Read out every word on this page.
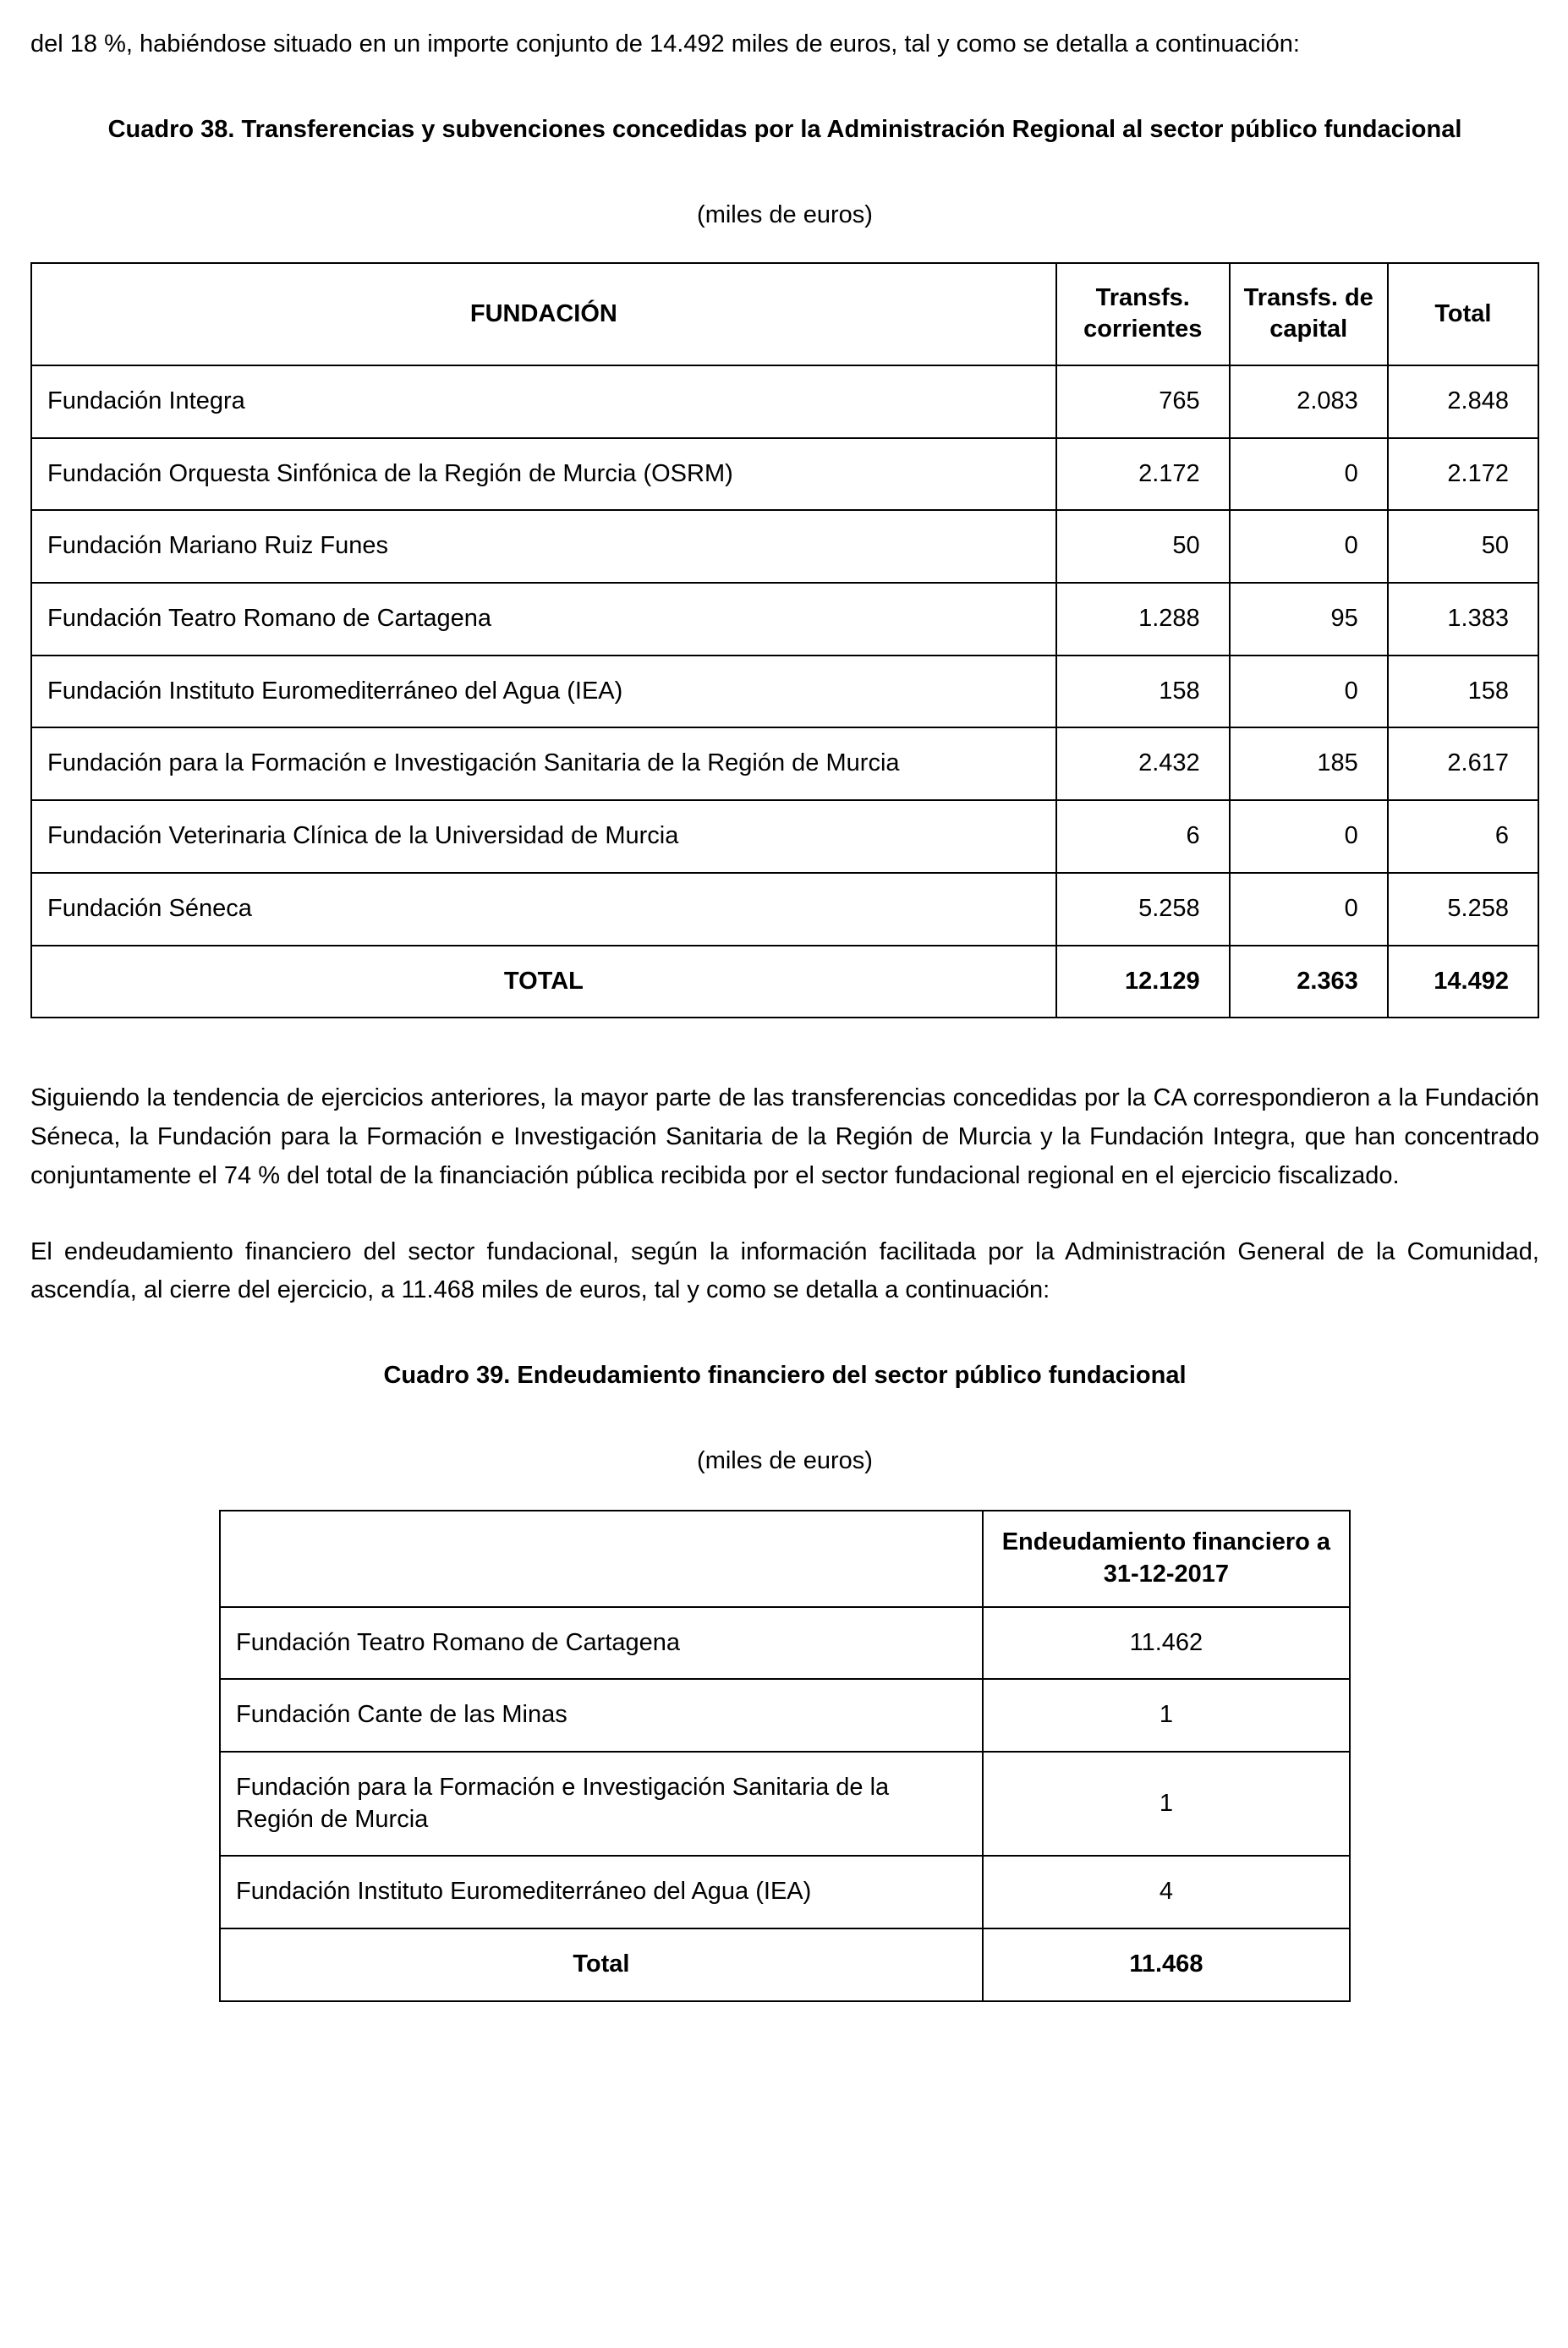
del 18 %, habiéndose situado en un importe conjunto de 14.492 miles de euros, tal y como se detalla a continuación:

Cuadro 38. Transferencias y subvenciones concedidas por la Administración Regional al sector público fundacional

(miles de euros)

FUNDACIÓN	Transfs. corrientes	Transfs. de capital	Total
Fundación Integra	765	2.083	2.848
Fundación Orquesta Sinfónica de la Región de Murcia (OSRM)	2.172	0	2.172
Fundación Mariano Ruiz Funes	50	0	50
Fundación Teatro Romano de Cartagena	1.288	95	1.383
Fundación Instituto Euromediterráneo del Agua (IEA)	158	0	158
Fundación para la Formación e Investigación Sanitaria de la Región de Murcia	2.432	185	2.617
Fundación Veterinaria Clínica de la Universidad de Murcia	6	0	6
Fundación Séneca	5.258	0	5.258
TOTAL	12.129	2.363	14.492

Siguiendo la tendencia de ejercicios anteriores, la mayor parte de las transferencias concedidas por la CA correspondieron a la Fundación Séneca, la Fundación para la Formación e Investigación Sanitaria de la Región de Murcia y la Fundación Integra, que han concentrado conjuntamente el 74 % del total de la financiación pública recibida por el sector fundacional regional en el ejercicio fiscalizado.

El endeudamiento financiero del sector fundacional, según la información facilitada por la Administración General de la Comunidad, ascendía, al cierre del ejercicio, a 11.468 miles de euros, tal y como se detalla a continuación:

Cuadro 39. Endeudamiento financiero del sector público fundacional

(miles de euros)

	Endeudamiento financiero a 31-12-2017
Fundación Teatro Romano de Cartagena	11.462
Fundación Cante de las Minas	1
Fundación para la Formación e Investigación Sanitaria de la Región de Murcia	1
Fundación Instituto Euromediterráneo del Agua (IEA)	4
Total	11.468
